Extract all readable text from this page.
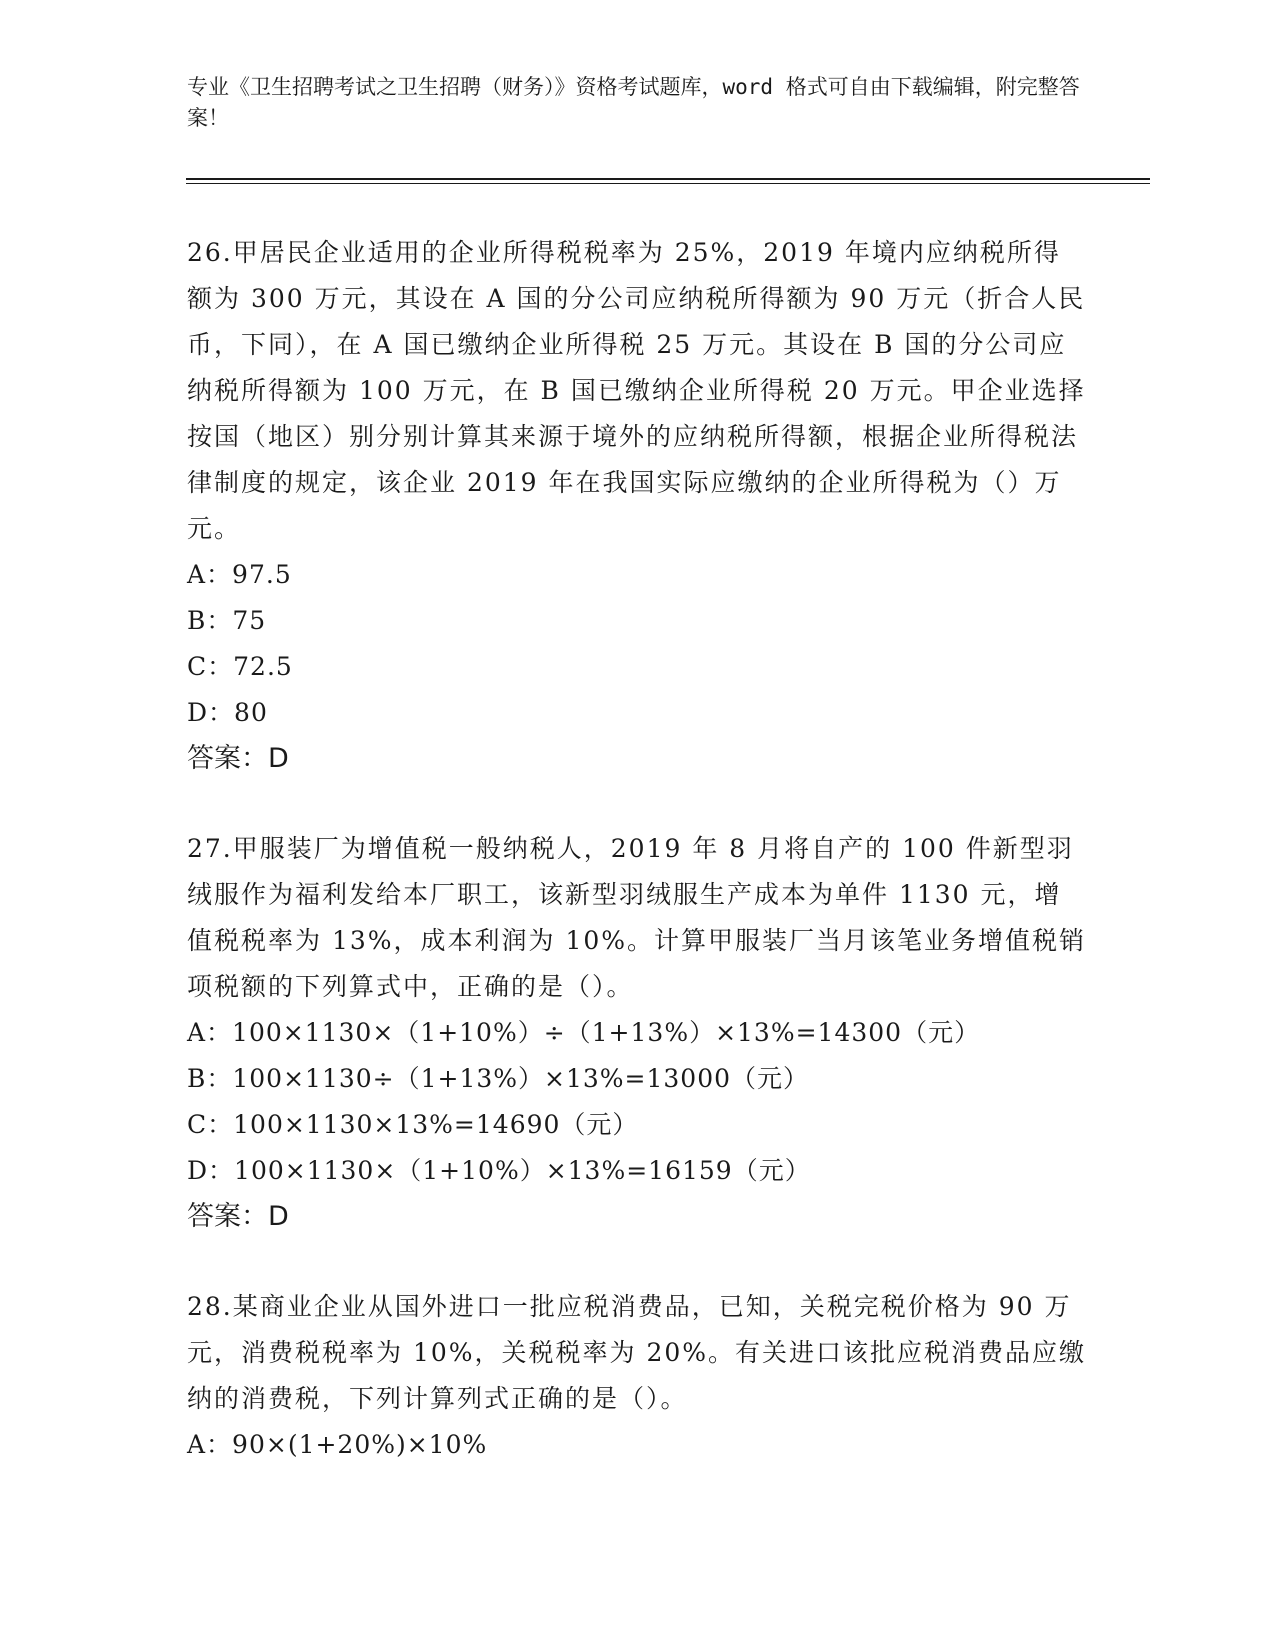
专业《卫生招聘考试之卫生招聘（财务）》资格考试题库，word 格式可自由下载编辑，附完整答案！

26.甲居民企业适用的企业所得税税率为 25%，2019 年境内应纳税所得额为 300 万元，其设在 A 国的分公司应纳税所得额为 90 万元（折合人民币，下同），在 A 国已缴纳企业所得税 25 万元。其设在 B 国的分公司应纳税所得额为 100 万元，在 B 国已缴纳企业所得税 20 万元。甲企业选择按国（地区）别分别计算其来源于境外的应纳税所得额，根据企业所得税法律制度的规定，该企业 2019 年在我国实际应缴纳的企业所得税为（）万元。

A：97.5

B：75

C：72.5

D：80

答案：D

27.甲服装厂为增值税一般纳税人，2019 年 8 月将自产的 100 件新型羽绒服作为福利发给本厂职工，该新型羽绒服生产成本为单件 1130 元，增值税税率为 13%，成本利润为 10%。计算甲服装厂当月该笔业务增值税销项税额的下列算式中，正确的是（）。

A：100×1130×（1+10%）÷（1+13%）×13%=14300（元）

B：100×1130÷（1+13%）×13%=13000（元）

C：100×1130×13%=14690（元）

D：100×1130×（1+10%）×13%=16159（元）

答案：D

28.某商业企业从国外进口一批应税消费品，已知，关税完税价格为 90 万元，消费税税率为 10%，关税税率为 20%。有关进口该批应税消费品应缴纳的消费税，下列计算列式正确的是（）。

A：90×(1+20%)×10%
